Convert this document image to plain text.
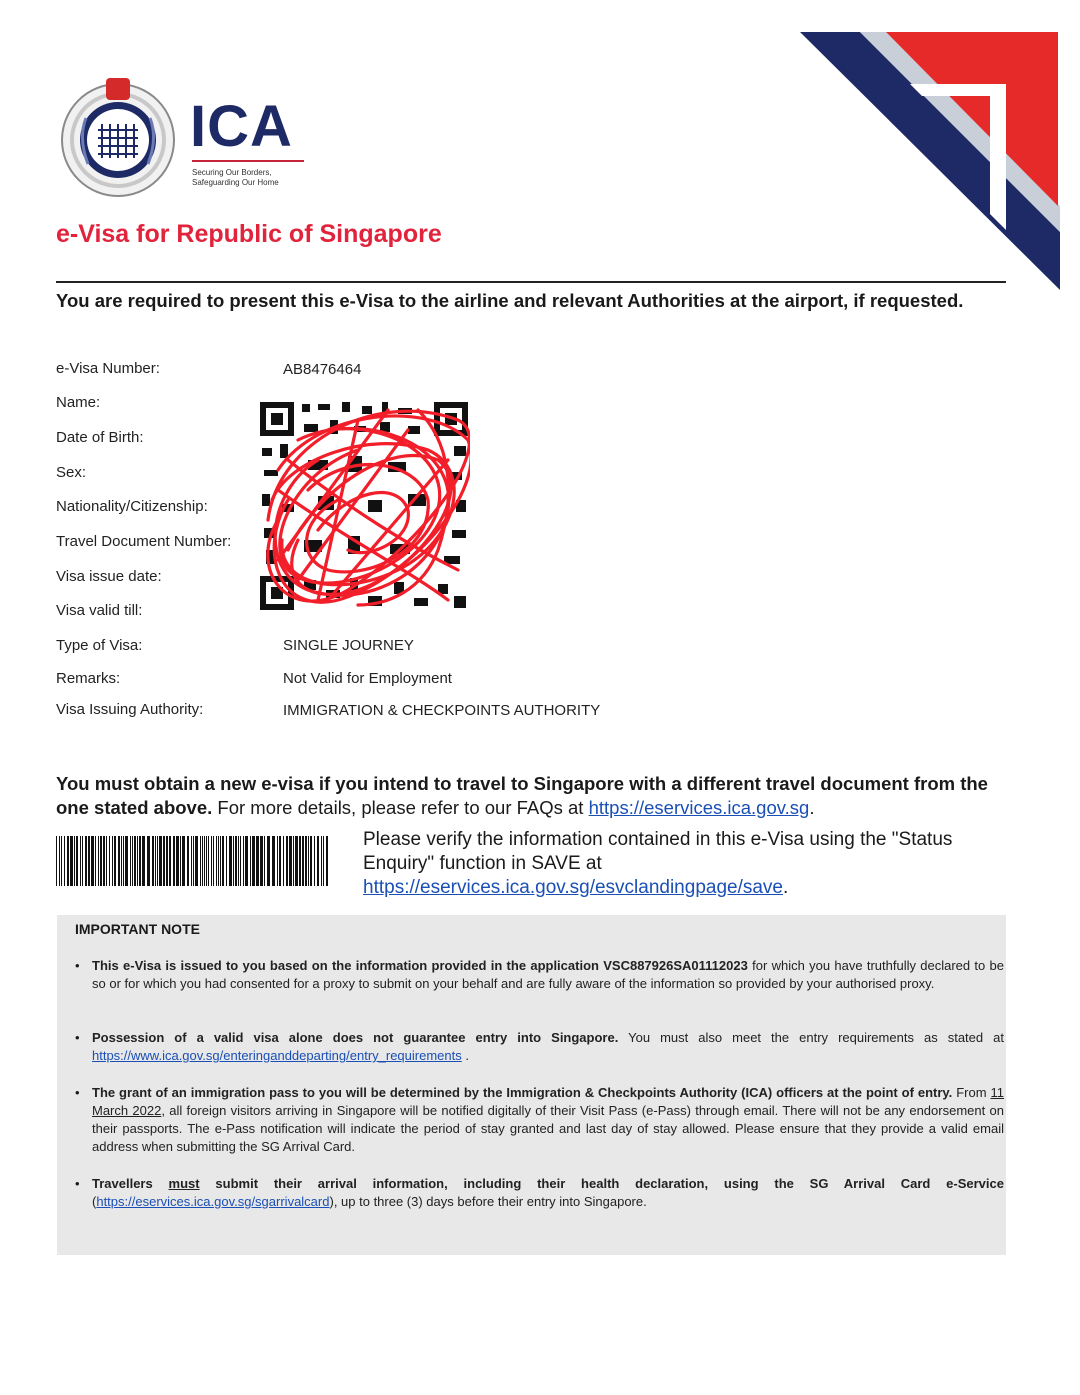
ICA
Securing Our Borders,
Safeguarding Our Home
e-Visa for Republic of Singapore
You are required to present this e-Visa to the airline and relevant Authorities at the airport, if requested.
e-Visa Number:	AB8476464
Name:
Date of Birth:
Sex:
Nationality/Citizenship:
Travel Document Number:
Visa issue date:
Visa valid till:
Type of Visa:	SINGLE JOURNEY
Remarks:	Not Valid for Employment
Visa Issuing Authority:	IMMIGRATION & CHECKPOINTS AUTHORITY
You must obtain a new e-visa if you intend to travel to Singapore with a different travel document from the one stated above. For more details, please refer to our FAQs at https://eservices.ica.gov.sg.
Please verify the information contained in this e-Visa using the "Status Enquiry" function in SAVE at
https://eservices.ica.gov.sg/esvclandingpage/save.
IMPORTANT NOTE
• This e-Visa is issued to you based on the information provided in the application VSC887926SA01112023 for which you have truthfully declared to be so or for which you had consented for a proxy to submit on your behalf and are fully aware of the information so provided by your authorised proxy.
• Possession of a valid visa alone does not guarantee entry into Singapore. You must also meet the entry requirements as stated at https://www.ica.gov.sg/enteringanddeparting/entry_requirements .
• The grant of an immigration pass to you will be determined by the Immigration & Checkpoints Authority (ICA) officers at the point of entry. From 11 March 2022, all foreign visitors arriving in Singapore will be notified digitally of their Visit Pass (e-Pass) through email. There will not be any endorsement on their passports. The e-Pass notification will indicate the period of stay granted and last day of stay allowed. Please ensure that they provide a valid email address when submitting the SG Arrival Card.
• Travellers must submit their arrival information, including their health declaration, using the SG Arrival Card e-Service (https://eservices.ica.gov.sg/sgarrivalcard), up to three (3) days before their entry into Singapore.
